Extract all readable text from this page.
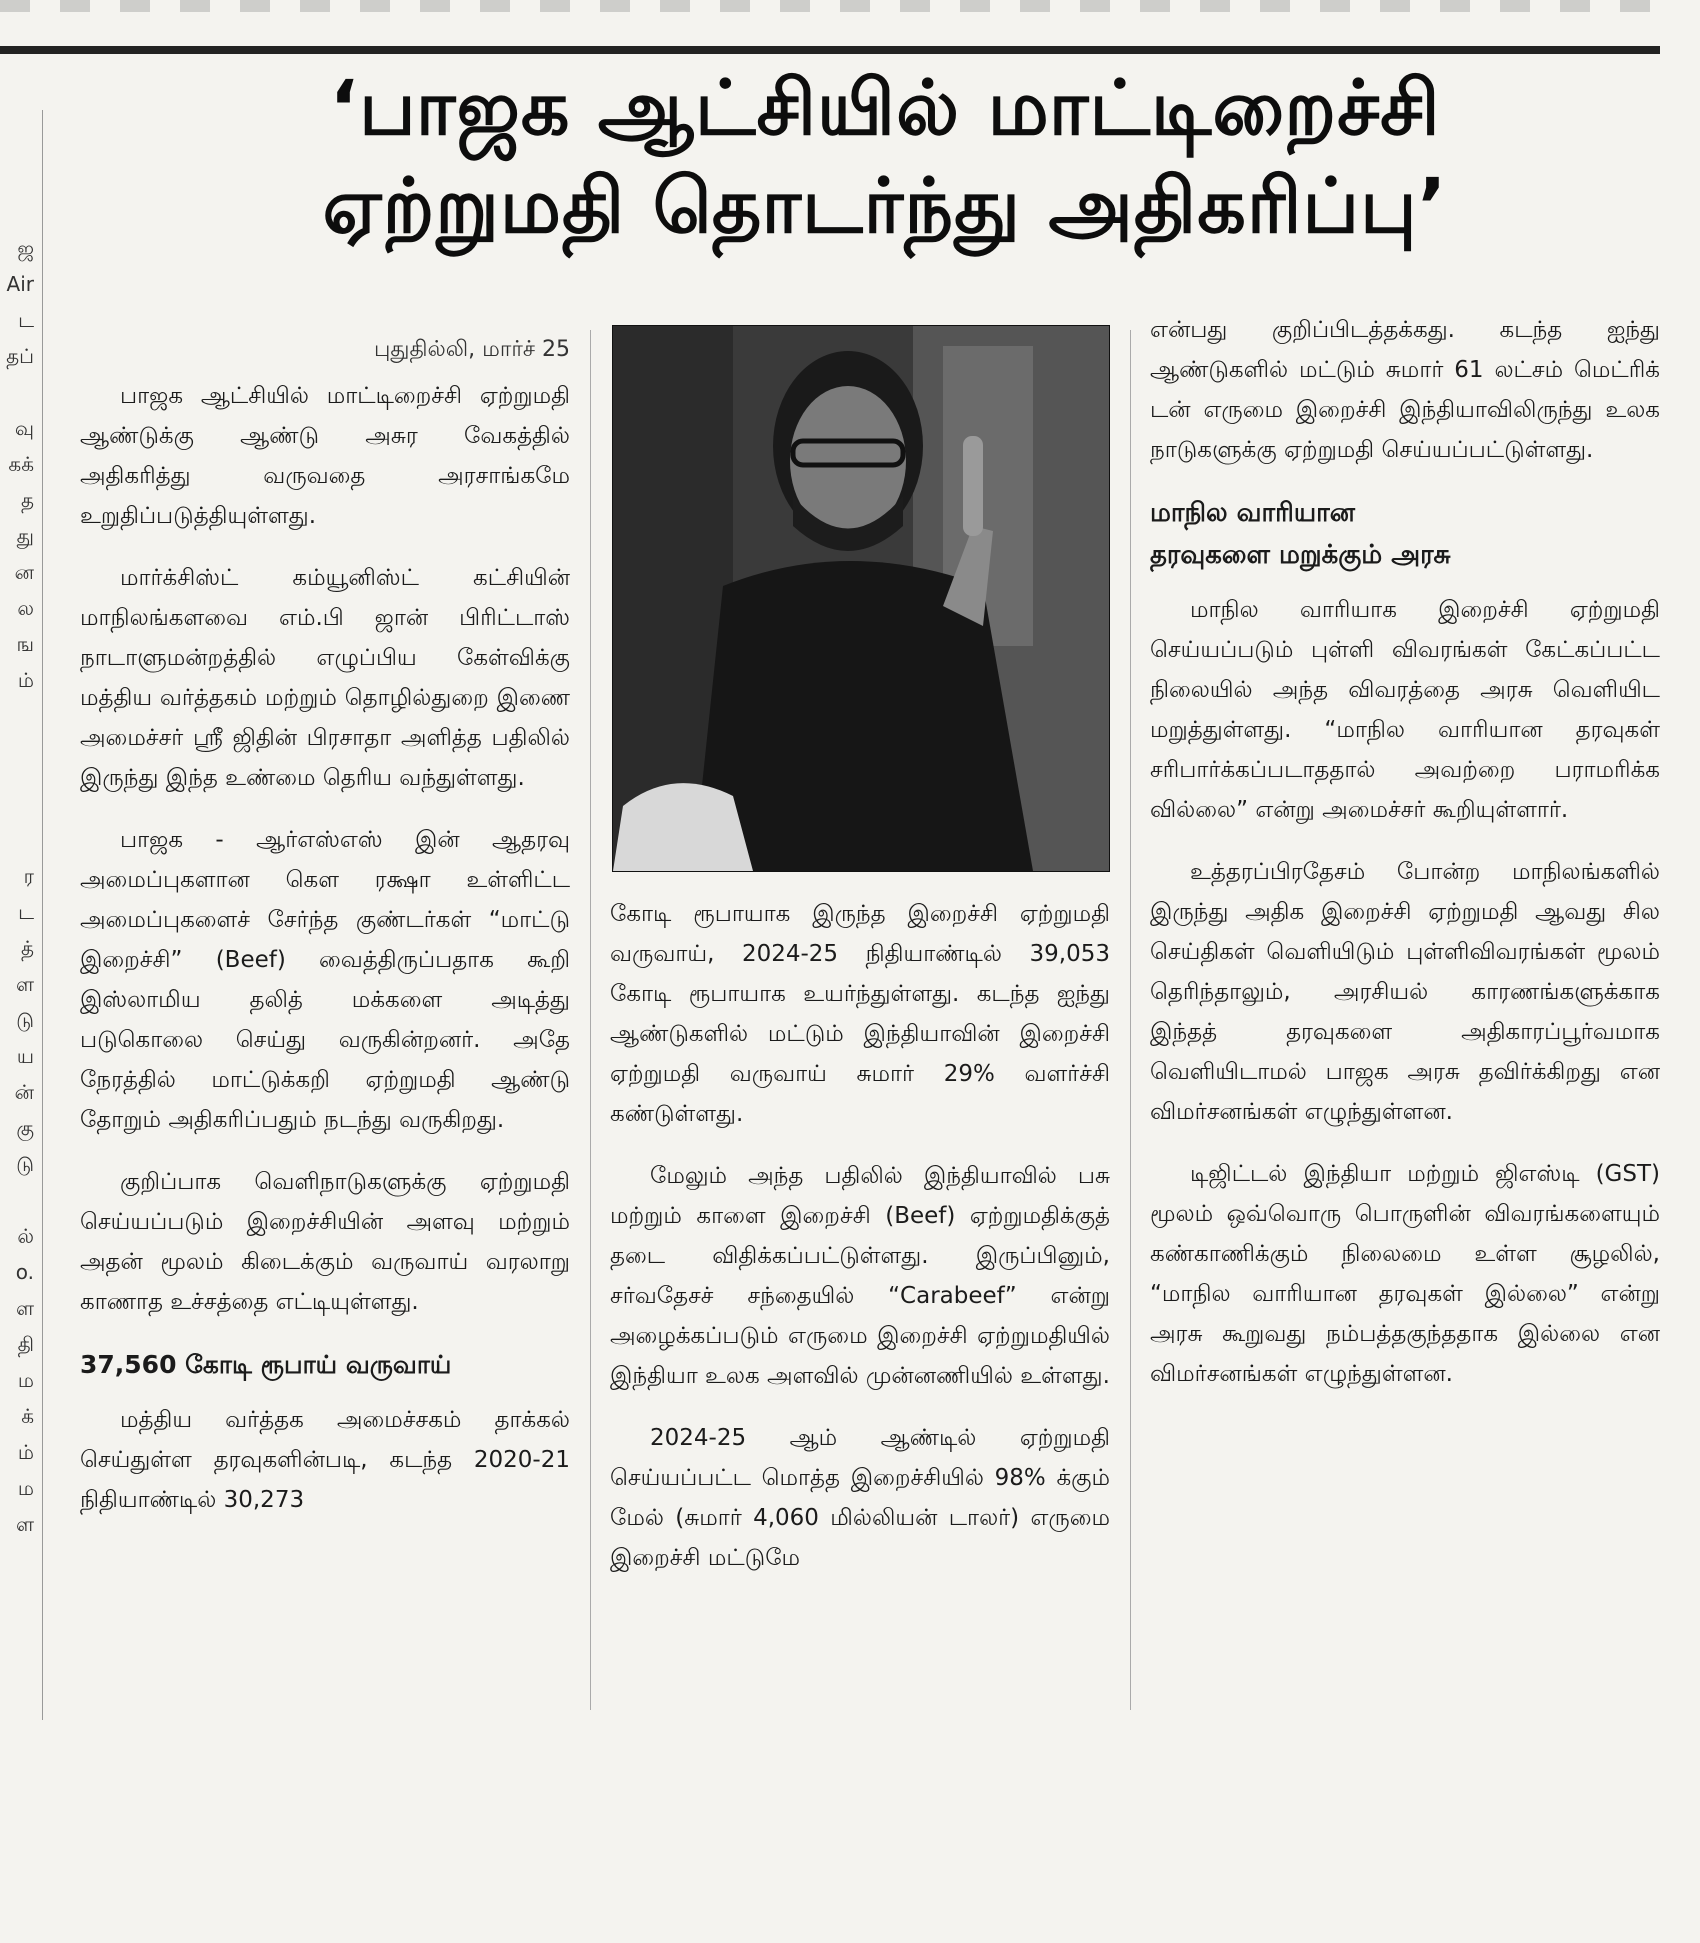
ஜ
Air
ட
தப்
வு
கக்
த
து
ன
ல
ங
ம்
ர
ட
த்
ள
டு
ய
ன்
கு
டு
ல்
o.
ள
தி
ம
க்
ம்
ம
ள
‘பாஜக ஆட்சியில் மாட்டிறைச்சி
ஏற்றுமதி தொடர்ந்து அதிகரிப்பு’
புதுதில்லி, மார்ச் 25

பாஜக ஆட்சியில் மாட்டிறைச்சி ஏற்றுமதி ஆண்டுக்கு ஆண்டு அசுர வேகத்தில் அதிகரித்து வருவதை அரசாங்கமே உறுதிப்படுத்தியுள்ளது.

மார்க்சிஸ்ட் கம்யூனிஸ்ட் கட்சியின் மாநிலங்களவை எம்.பி ஜான் பிரிட்டாஸ் நாடாளுமன்றத்தில் எழுப்பிய கேள்விக்கு மத்திய வர்த்தகம் மற்றும் தொழில்துறை இணை அமைச்சர் ஸ்ரீ ஜிதின் பிரசாதா அளித்த பதிலில் இருந்து இந்த உண்மை தெரிய வந்துள்ளது.

பாஜக - ஆர்எஸ்எஸ் இன் ஆதரவு அமைப்புகளான கெள ரக்ஷா உள்ளிட்ட அமைப்புகளைச் சேர்ந்த குண்டர்கள் “மாட்டு இறைச்சி” (Beef) வைத்திருப்பதாக கூறி இஸ்லாமிய தலித் மக்களை அடித்து படுகொலை செய்து வருகின்றனர். அதே நேரத்தில் மாட்டுக்கறி ஏற்றுமதி ஆண்டு தோறும் அதிகரிப்பதும் நடந்து வருகிறது.

குறிப்பாக வெளிநாடுகளுக்கு ஏற்றுமதி செய்யப்படும் இறைச்சியின் அளவு மற்றும் அதன் மூலம் கிடைக்கும் வருவாய் வரலாறு காணாத உச்சத்தை எட்டியுள்ளது.

37,560 கோடி ரூபாய் வருவாய்

மத்திய வர்த்தக அமைச்சகம் தாக்கல் செய்துள்ள தரவுகளின்படி, கடந்த 2020-21 நிதியாண்டில் 30,273

கோடி ரூபாயாக இருந்த இறைச்சி ஏற்றுமதி வருவாய், 2024-25 நிதியாண்டில் 39,053 கோடி ரூபாயாக உயர்ந்துள்ளது. கடந்த ஐந்து ஆண்டுகளில் மட்டும் இந்தியாவின் இறைச்சி ஏற்றுமதி வருவாய் சுமார் 29% வளர்ச்சி கண்டுள்ளது.

மேலும் அந்த பதிலில் இந்தியாவில் பசு மற்றும் காளை இறைச்சி (Beef) ஏற்றுமதிக்குத் தடை விதிக்கப்பட்டுள்ளது. இருப்பினும், சர்வதேசச் சந்தையில் “Carabeef” என்று அழைக்கப்படும் எருமை இறைச்சி ஏற்றுமதியில் இந்தியா உலக அளவில் முன்னணியில் உள்ளது.

2024-25 ஆம் ஆண்டில் ஏற்றுமதி செய்யப்பட்ட மொத்த இறைச்சியில் 98% க்கும் மேல் (சுமார் 4,060 மில்லியன் டாலர்) எருமை இறைச்சி மட்டுமே

என்பது குறிப்பிடத்தக்கது. கடந்த ஐந்து ஆண்டுகளில் மட்டும் சுமார் 61 லட்சம் மெட்ரிக் டன் எருமை இறைச்சி இந்தியாவிலிருந்து உலக நாடுகளுக்கு ஏற்றுமதி செய்யப்பட்டுள்ளது.

மாநில வாரியான
தரவுகளை மறுக்கும் அரசு

மாநில வாரியாக இறைச்சி ஏற்றுமதி செய்யப்படும் புள்ளி விவரங்கள் கேட்கப்பட்ட நிலையில் அந்த விவரத்தை அரசு வெளியிட மறுத்துள்ளது. “மாநில வாரியான தரவுகள் சரிபார்க்கப்படாததால் அவற்றை பராமரிக்க வில்லை” என்று அமைச்சர் கூறியுள்ளார்.

உத்தரப்பிரதேசம் போன்ற மாநிலங்களில் இருந்து அதிக இறைச்சி ஏற்றுமதி ஆவது சில செய்திகள் வெளியிடும் புள்ளிவிவரங்கள் மூலம் தெரிந்தாலும், அரசியல் காரணங்களுக்காக இந்தத் தரவுகளை அதிகாரப்பூர்வமாக வெளியிடாமல் பாஜக அரசு தவிர்க்கிறது என விமர்சனங்கள் எழுந்துள்ளன.

டிஜிட்டல் இந்தியா மற்றும் ஜிஎஸ்டி (GST) மூலம் ஒவ்வொரு பொருளின் விவரங்களையும் கண்காணிக்கும் நிலைமை உள்ள சூழலில், “மாநில வாரியான தரவுகள் இல்லை” என்று அரசு கூறுவது நம்பத்தகுந்ததாக இல்லை என விமர்சனங்கள் எழுந்துள்ளன.
